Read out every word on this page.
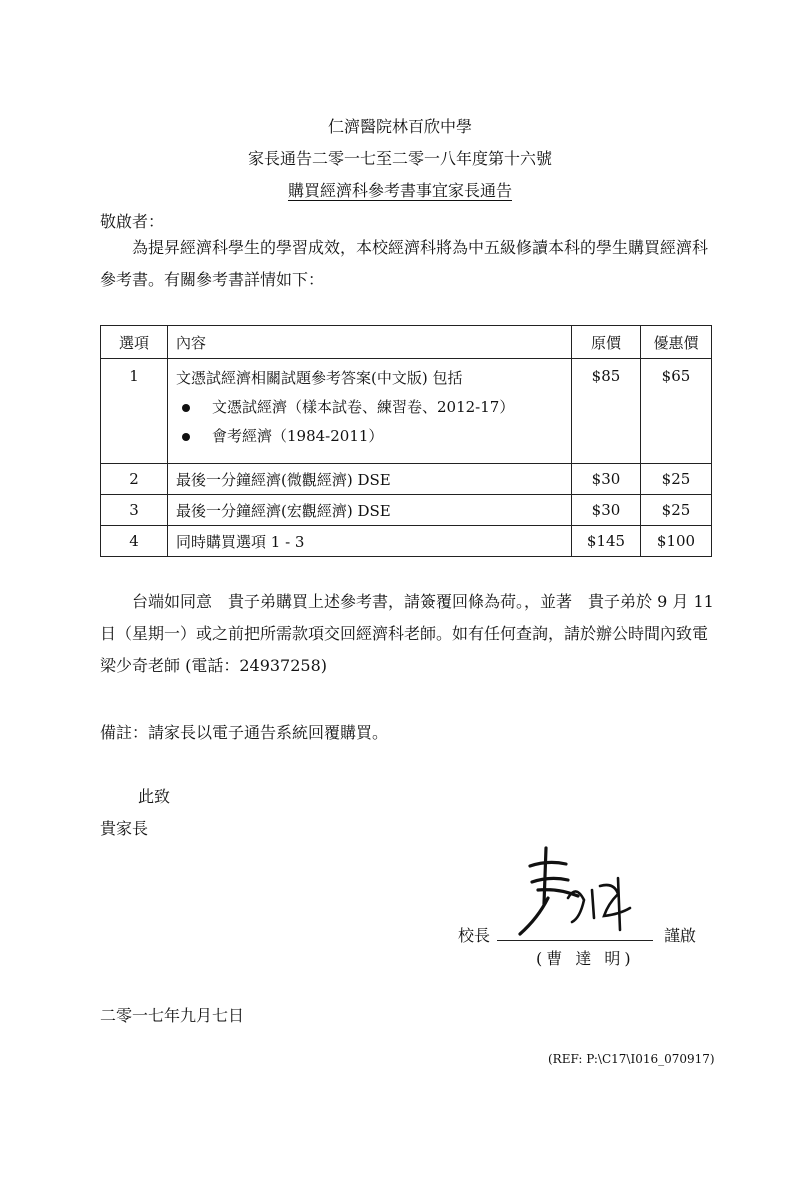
仁濟醫院林百欣中學
家長通告二零一七至二零一八年度第十六號
購買經濟科參考書事宜家長通告
敬啟者：

為提昇經濟科學生的學習成效，本校經濟科將為中五級修讀本科的學生購買經濟科參考書。有關參考書詳情如下：

選項	內容	原價	優惠價
1	文憑試經濟相關試題參考答案(中文版) 包括
文憑試經濟（樣本試卷、練習卷、2012-17）
會考經濟（1984-2011）	$85	$65
2	最後一分鐘經濟(微觀經濟) DSE	$30	$25
3	最後一分鐘經濟(宏觀經濟) DSE	$30	$25
4	同時購買選項 1 - 3	$145	$100

台端如同意　貴子弟購買上述參考書，請簽覆回條為荷。，並著　貴子弟於 9 月 11 日（星期一）或之前把所需款項交回經濟科老師。如有任何查詢，請於辦公時間內致電梁少奇老師 (電話：24937258)

備註：請家長以電子通告系統回覆購買。
此致
貴家長
校長	謹啟
(曹 達 明)
二零一七年九月七日
(REF: P:\C17\I016_070917)
